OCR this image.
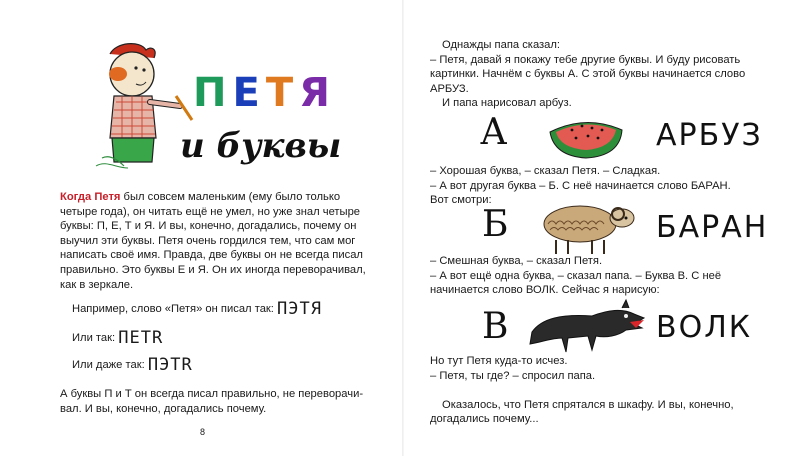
ПЕТЯ
и буквы

Когда Петя был совсем маленьким (ему было только
четыре года), он читать ещё не умел, но уже знал четыре
буквы: П, Е, Т и Я. И вы, конечно, догадались, почему он
выучил эти буквы. Петя очень гордился тем, что сам мог
написать своё имя. Правда, две буквы он не всегда писал
правильно. Это буквы Е и Я. Он их иногда переворачивал,
как в зеркале.

Например, слово «Петя» он писал так: ПЭТЯ

Или так: ПETR

Или даже так: ПЭTR

А буквы П и Т он всегда писал правильно, не переворачи-
вал. И вы, конечно, догадались почему.

8

Однажды папа сказал:
– Петя, давай я покажу тебе другие буквы. И буду рисовать
картинки. Начнём с буквы А. С этой буквы начинается слово
АРБУЗ.
И папа нарисовал арбуз.

А	АРБУЗ

– Хорошая буква, – сказал Петя. – Сладкая.
– А вот другая буква – Б. С неё начинается слово БАРАН.
Вот смотри:

Б	БАРАН

– Смешная буква, – сказал Петя.
– А вот ещё одна буква, – сказал папа. – Буква В. С неё
начинается слово ВОЛК. Сейчас я нарисую:

В	ВОЛК

Но тут Петя куда-то исчез.
– Петя, ты где? – спросил папа.

Оказалось, что Петя спрятался в шкафу. И вы, конечно,
догадались почему...
